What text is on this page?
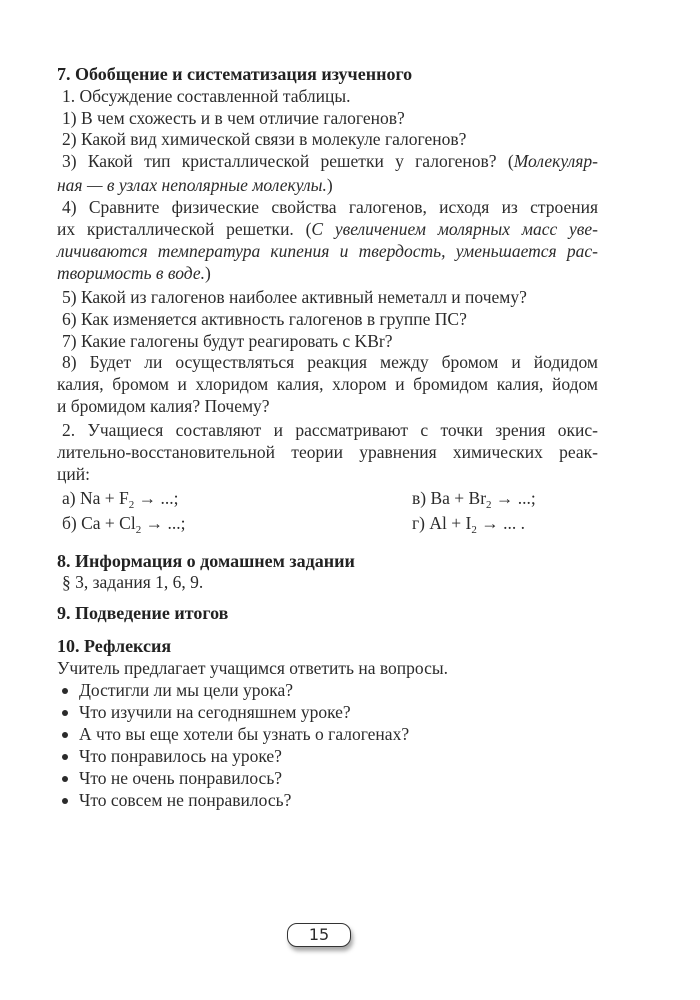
7. Обобщение и систематизация изученного
1. Обсуждение составленной таблицы.
1) В чем схожесть и в чем отличие галогенов?
2) Какой вид химической связи в молекуле галогенов?
3) Какой тип кристаллической решетки у галогенов? (Молекуляр-
ная — в узлах неполярные молекулы.)
4) Сравните физические свойства галогенов, исходя из строения
их кристаллической решетки. (С увеличением молярных масс уве-
личиваются температура кипения и твердость, уменьшается рас-
творимость в воде.)
5) Какой из галогенов наиболее активный неметалл и почему?
6) Как изменяется активность галогенов в группе ПС?
7) Какие галогены будут реагировать с KBr?
8) Будет ли осуществляться реакция между бромом и йодидом
калия, бромом и хлоридом калия, хлором и бромидом калия, йодом
и бромидом калия? Почему?
2. Учащиеся составляют и рассматривают с точки зрения окис-
лительно-восстановительной теории уравнения химических реак-
ций:
а) $Na + F_2$ → ...;	в) $Ba + Br_2$ → ...;
б) $Ca + Cl_2$ → ...;	г) $Al + I_2$ → ... .
8. Информация о домашнем задании
§ 3, задания 1, 6, 9.
9. Подведение итогов
10. Рефлексия
Учитель предлагает учащимся ответить на вопросы.
Достигли ли мы цели урока?
Что изучили на сегодняшнем уроке?
А что вы еще хотели бы узнать о галогенах?
Что понравилось на уроке?
Что не очень понравилось?
Что совсем не понравилось?
15
